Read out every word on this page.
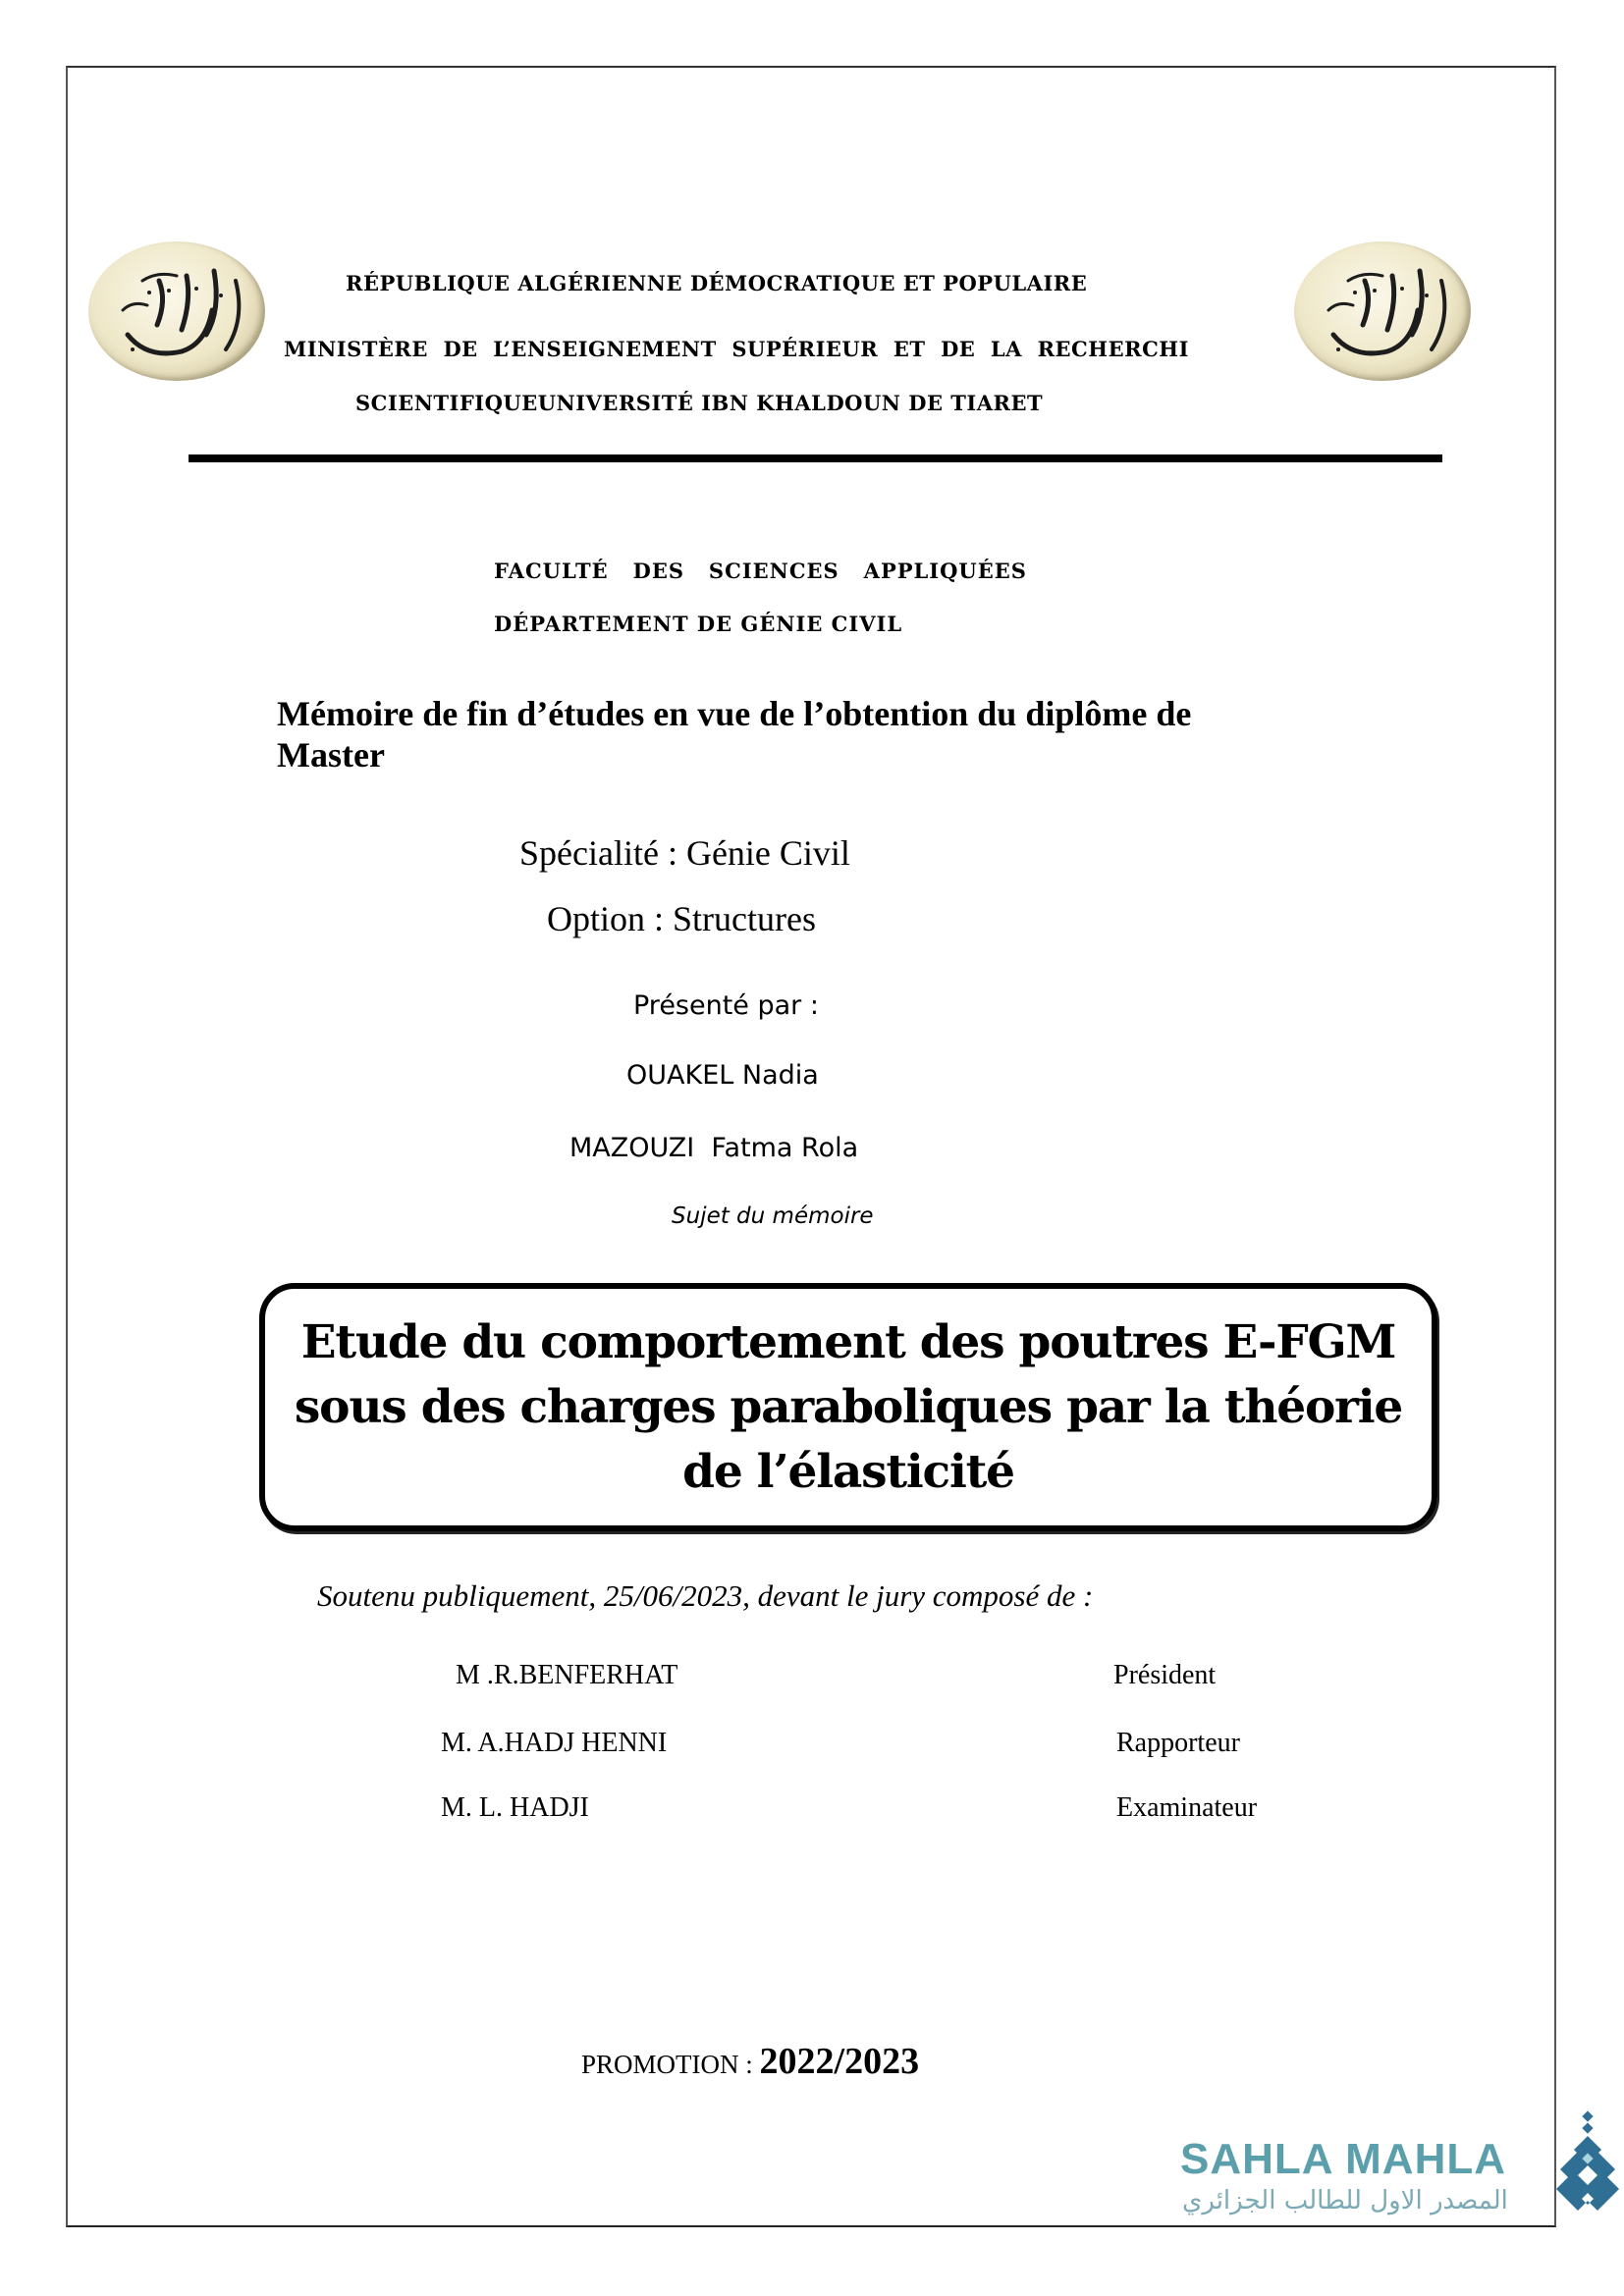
RÉPUBLIQUE ALGÉRIENNE DÉMOCRATIQUE ET POPULAIRE
MINISTÈRE  DE  L’ENSEIGNEMENT  SUPÉRIEUR  ET  DE  LA  RECHERCHI
SCIENTIFIQUEUNIVERSITÉ IBN KHALDOUN DE TIARET
FACULTÉ   DES   SCIENCES   APPLIQUÉES
DÉPARTEMENT DE GÉNIE CIVIL
Mémoire de fin d’études en vue de l’obtention du diplôme de
Master
Spécialité : Génie Civil
Option : Structures
Présenté par :
OUAKEL Nadia
MAZOUZI  Fatma Rola
Sujet du mémoire
Etude du comportement des poutres E-FGM
sous des charges paraboliques par la théorie
de l’élasticité
Soutenu publiquement, 25/06/2023, devant le jury composé de :
M .R.BENFERHAT	Président
M. A.HADJ HENNI	Rapporteur
M. L. HADJI	Examinateur
PROMOTION : 2022/2023
SAHLA MAHLA
المصدر الاول للطالب الجزائري
